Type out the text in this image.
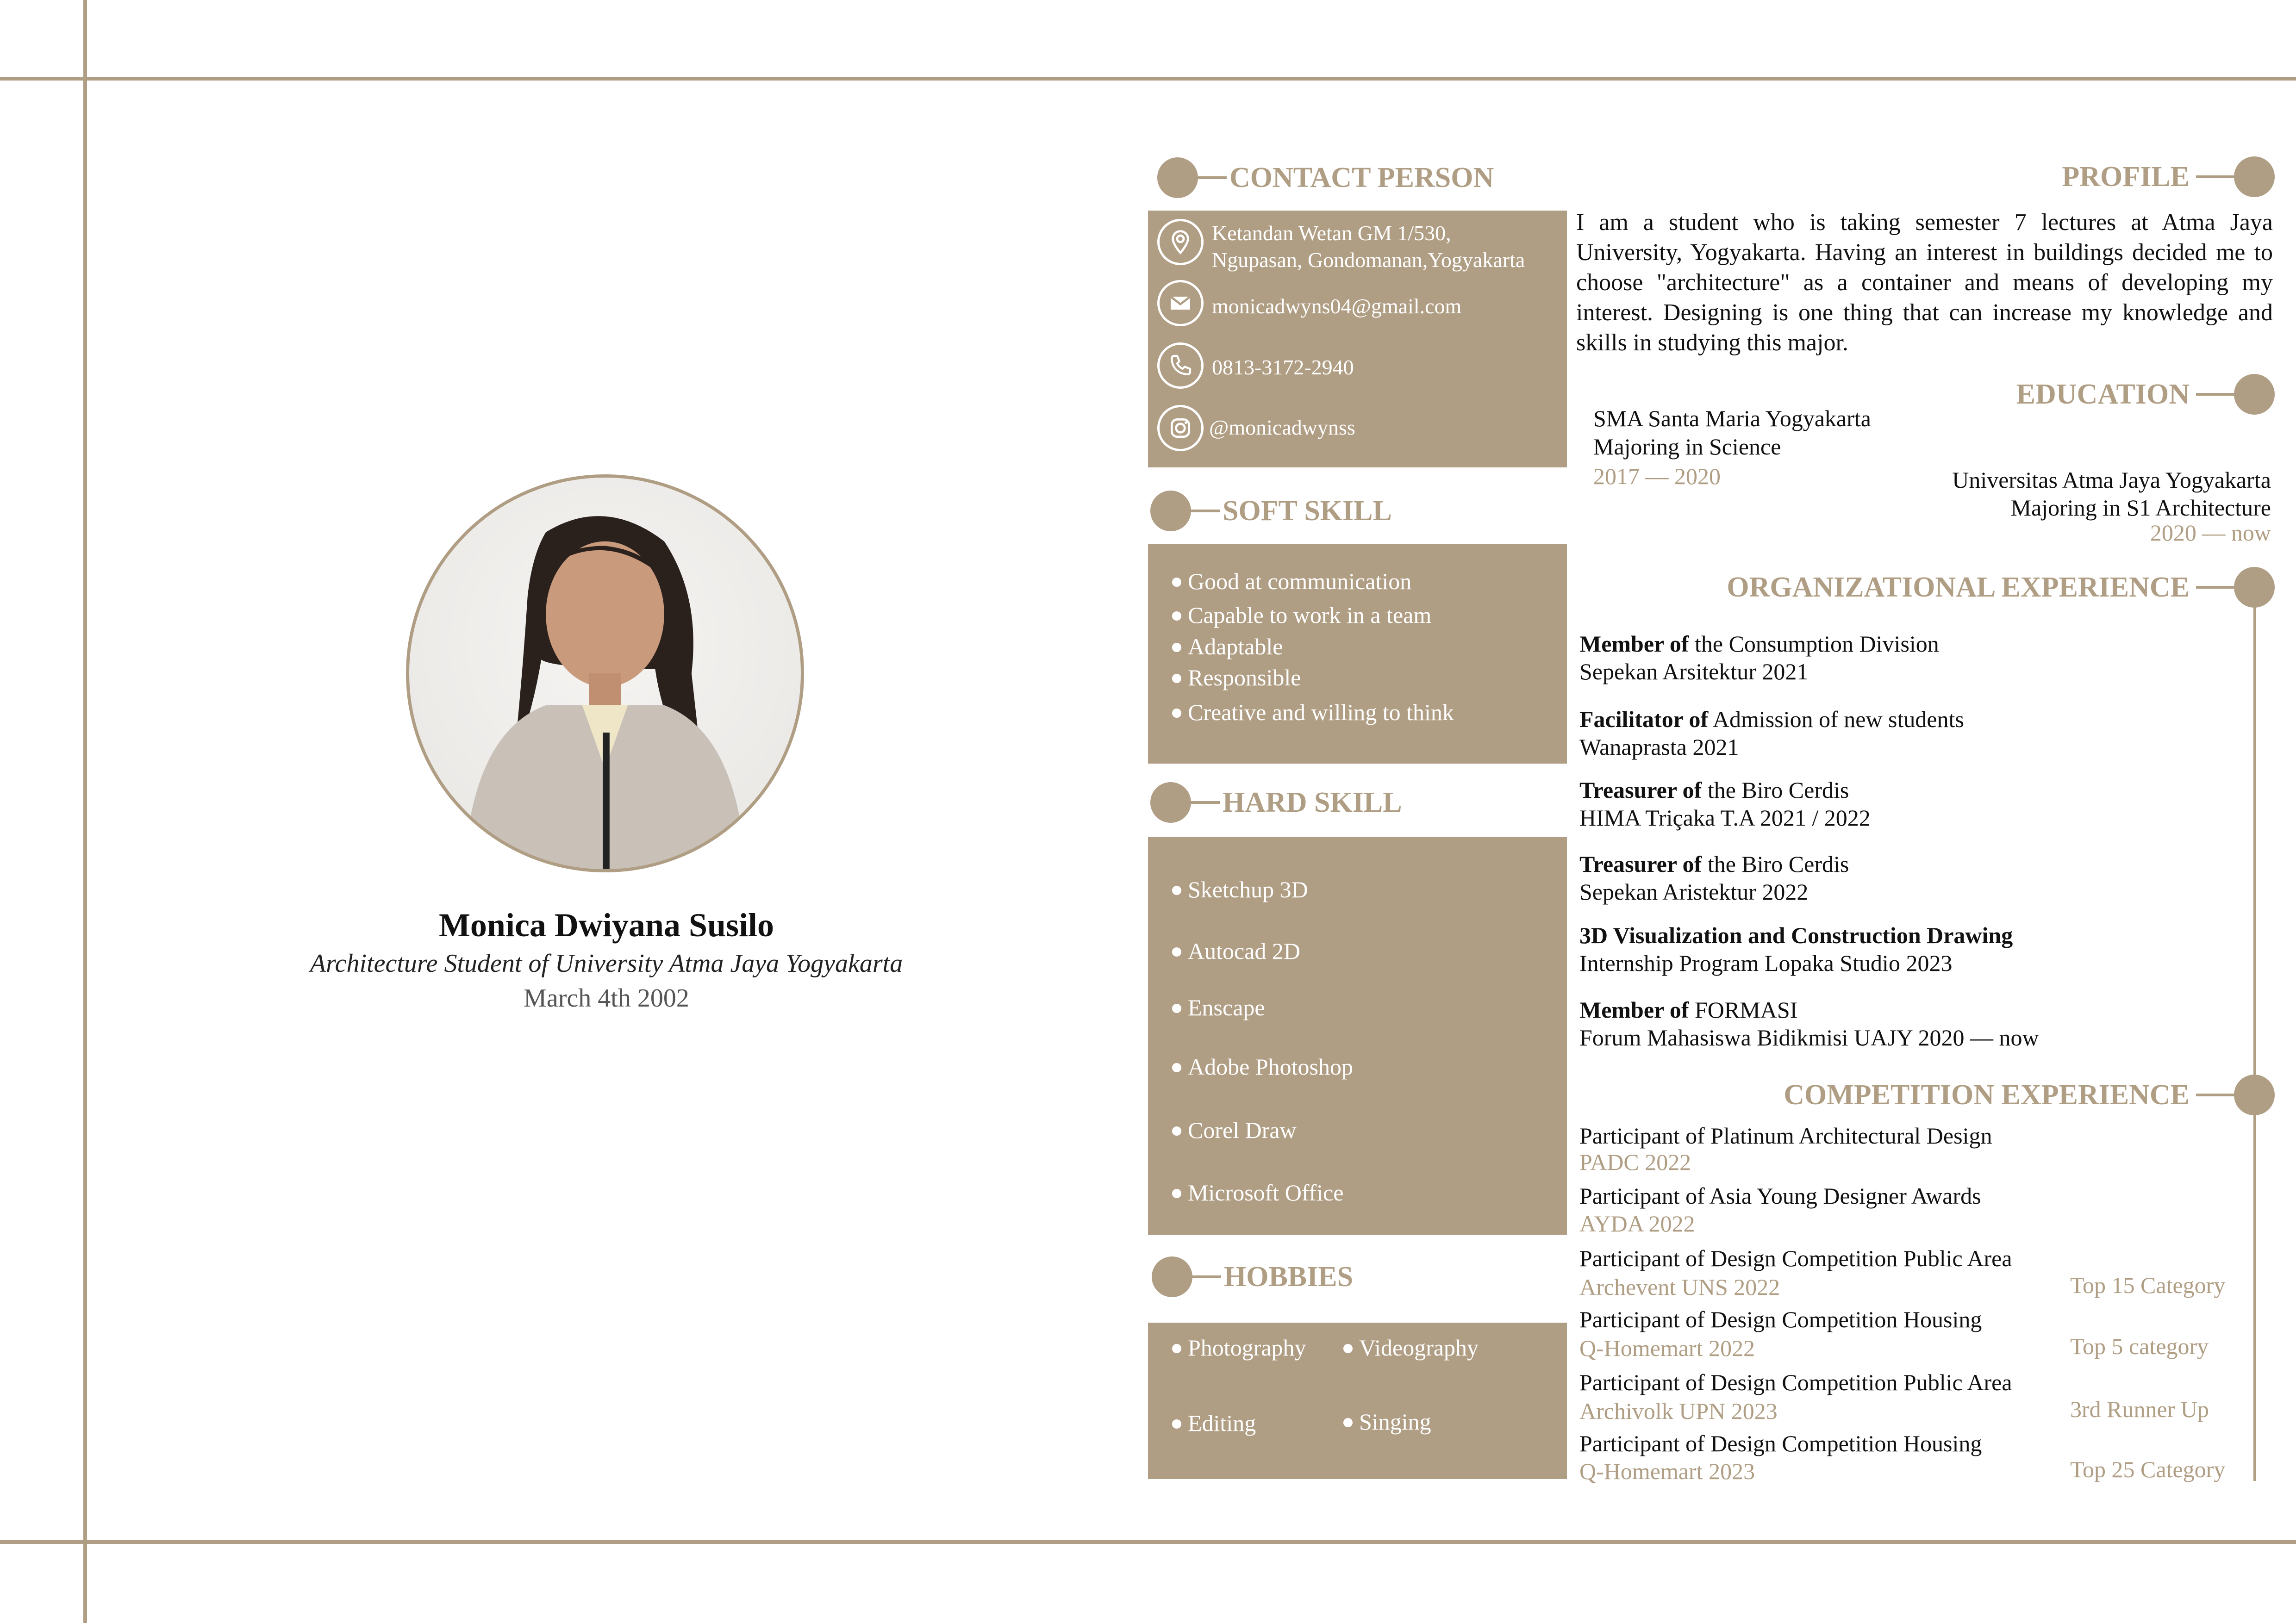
Monica Dwiyana Susilo
Architecture Student of University Atma Jaya Yogyakarta
March 4th 2002
CONTACT PERSON
Ketandan Wetan GM 1/530,
Ngupasan, Gondomanan,Yogyakarta
monicadwyns04@gmail.com
0813-3172-2940
@monicadwynss
SOFT SKILL
Good at communication
Capable to work in a team
Adaptable
Responsible
Creative and willing to think
HARD SKILL
Sketchup 3D
Autocad 2D
Enscape
Adobe Photoshop
Corel Draw
Microsoft Office
HOBBIES
Photography	Videography
Editing	Singing
PROFILE
I am a student who is taking semester 7 lectures at Atma Jaya University, Yogyakarta. Having an interest in buildings decided me to choose "architecture" as a container and means of developing my interest. Designing is one thing that can increase my knowledge and skills in studying this major.
EDUCATION
SMA Santa Maria Yogyakarta
Majoring in Science
2017 — 2020	Universitas Atma Jaya Yogyakarta
Majoring in S1 Architecture
2020 — now
ORGANIZATIONAL EXPERIENCE
Member of the Consumption Division
Sepekan Arsitektur 2021
Facilitator of Admission of new students
Wanaprasta 2021
Treasurer of the Biro Cerdis
HIMA Triçaka T.A 2021 / 2022
Treasurer of the Biro Cerdis
Sepekan Aristektur 2022
3D Visualization and Construction Drawing
Internship Program Lopaka Studio 2023
Member of FORMASI
Forum Mahasiswa Bidikmisi UAJY 2020 — now
COMPETITION EXPERIENCE
Participant of Platinum Architectural Design
PADC 2022
Participant of Asia Young Designer Awards
AYDA 2022
Participant of Design Competition Public Area
Archevent UNS 2022	Top 15 Category
Participant of Design Competition Housing
Q-Homemart 2022	Top 5 category
Participant of Design Competition Public Area
Archivolk UPN 2023	3rd Runner Up
Participant of Design Competition Housing
Q-Homemart 2023	Top 25 Category
